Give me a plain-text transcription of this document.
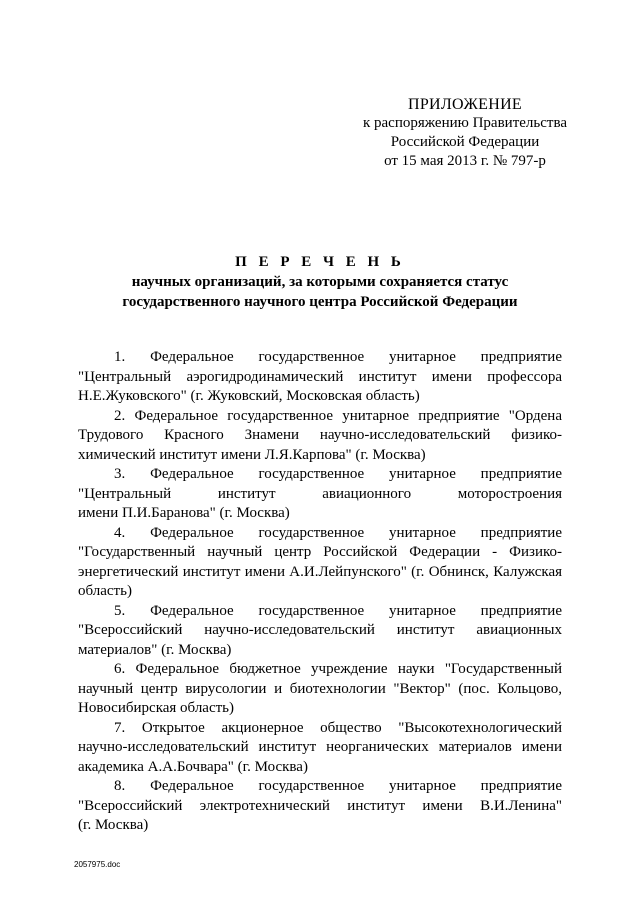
ПРИЛОЖЕНИЕ
к распоряжению Правительства
Российской Федерации
от 15 мая 2013 г. № 797-р
П Е Р Е Ч Е Н Ь
научных организаций, за которыми сохраняется статус
государственного научного центра Российской Федерации
1. Федеральное государственное унитарное предприятие
"Центральный аэрогидродинамический институт имени профессора
Н.Е.Жуковского" (г. Жуковский, Московская область)
2. Федеральное государственное унитарное предприятие "Ордена
Трудового Красного Знамени научно-исследовательский физико-
химический институт имени Л.Я.Карпова" (г. Москва)
3. Федеральное государственное унитарное предприятие
"Центральный институт авиационного моторостроения
имени П.И.Баранова" (г. Москва)
4. Федеральное государственное унитарное предприятие
"Государственный научный центр Российской Федерации - Физико-
энергетический институт имени А.И.Лейпунского" (г. Обнинск, Калужская
область)
5. Федеральное государственное унитарное предприятие
"Всероссийский научно-исследовательский институт авиационных
материалов" (г. Москва)
6. Федеральное бюджетное учреждение науки "Государственный
научный центр вирусологии и биотехнологии "Вектор" (пос. Кольцово,
Новосибирская область)
7. Открытое акционерное общество "Высокотехнологический
научно-исследовательский институт неорганических материалов имени
академика А.А.Бочвара" (г. Москва)
8. Федеральное государственное унитарное предприятие
"Всероссийский электротехнический институт имени В.И.Ленина"
(г. Москва)
2057975.doc
